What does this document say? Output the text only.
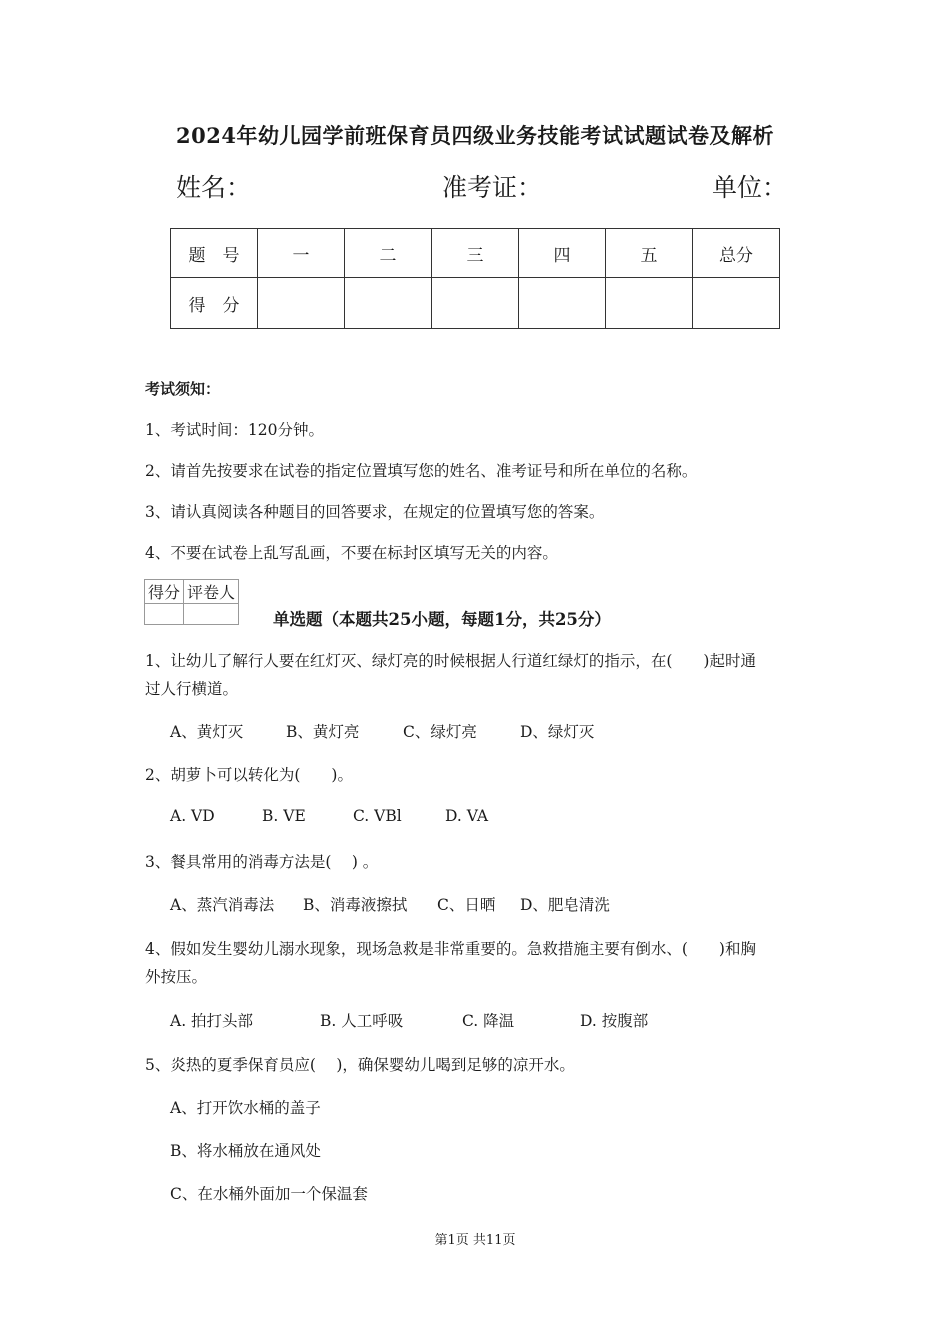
2024年幼儿园学前班保育员四级业务技能考试试题试卷及解析
姓名：	准考证：	单位：
题　号	一	二	三	四	五	总分
得　分						
考试须知：
1、考试时间：120分钟。
2、请首先按要求在试卷的指定位置填写您的姓名、准考证号和所在单位的名称。
3、请认真阅读各种题目的回答要求，在规定的位置填写您的答案。
4、不要在试卷上乱写乱画，不要在标封区填写无关的内容。
得分	评卷人

单选题（本题共25小题，每题1分，共25分）
1、让幼儿了解行人要在红灯灭、绿灯亮的时候根据人行道红绿灯的指示，在(　　)起时通
过人行横道。
A、黄灯灭	B、黄灯亮	C、绿灯亮	D、绿灯灭
2、胡萝卜可以转化为(　　)。
A. VD	B. VE	C. VBl	D. VA
3、餐具常用的消毒方法是(　 ) 。
A、蒸汽消毒法 B、消毒液擦拭 C、日晒 D、肥皂清洗
4、假如发生婴幼儿溺水现象，现场急救是非常重要的。急救措施主要有倒水、(　　)和胸
外按压。
A. 拍打头部	B. 人工呼吸	C. 降温	D. 按腹部
5、炎热的夏季保育员应(　 )，确保婴幼儿喝到足够的凉开水。
A、打开饮水桶的盖子
B、将水桶放在通风处
C、在水桶外面加一个保温套
第1页 共11页
